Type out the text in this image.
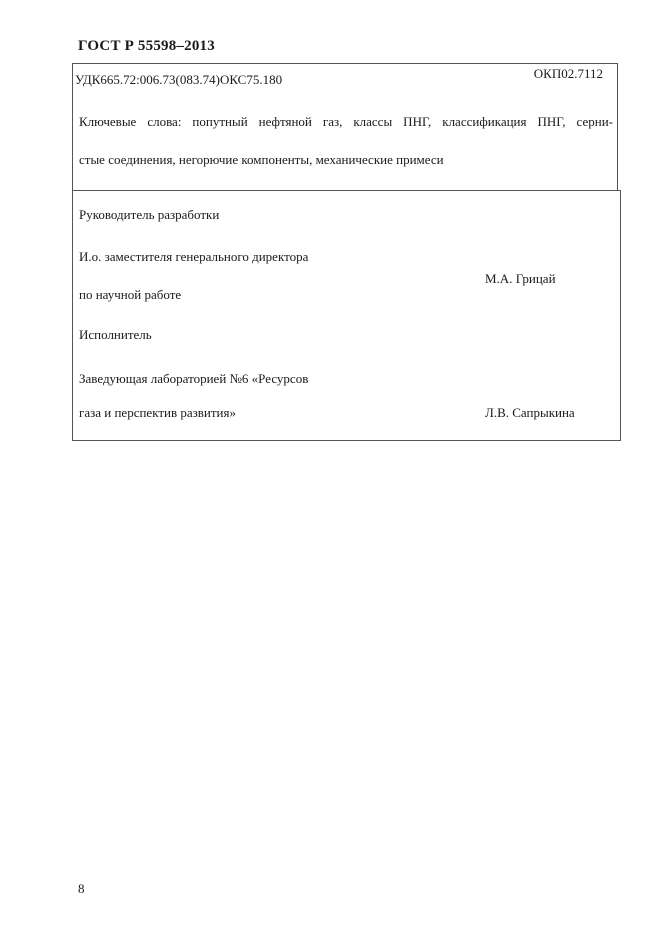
ГОСТ Р 55598–2013
УДК665.72:006.73(083.74)ОКС75.180	ОКП02.7112
Ключевые слова: попутный нефтяной газ, классы ПНГ, классификация ПНГ, серни-
стые соединения, негорючие компоненты, механические примеси
Руководитель разработки
И.о. заместителя генерального директора
М.А. Грицай
по научной работе
Исполнитель
Заведующая лабораторией №6 «Ресурсов
газа и перспектив развития»	Л.В. Сапрыкина
8
